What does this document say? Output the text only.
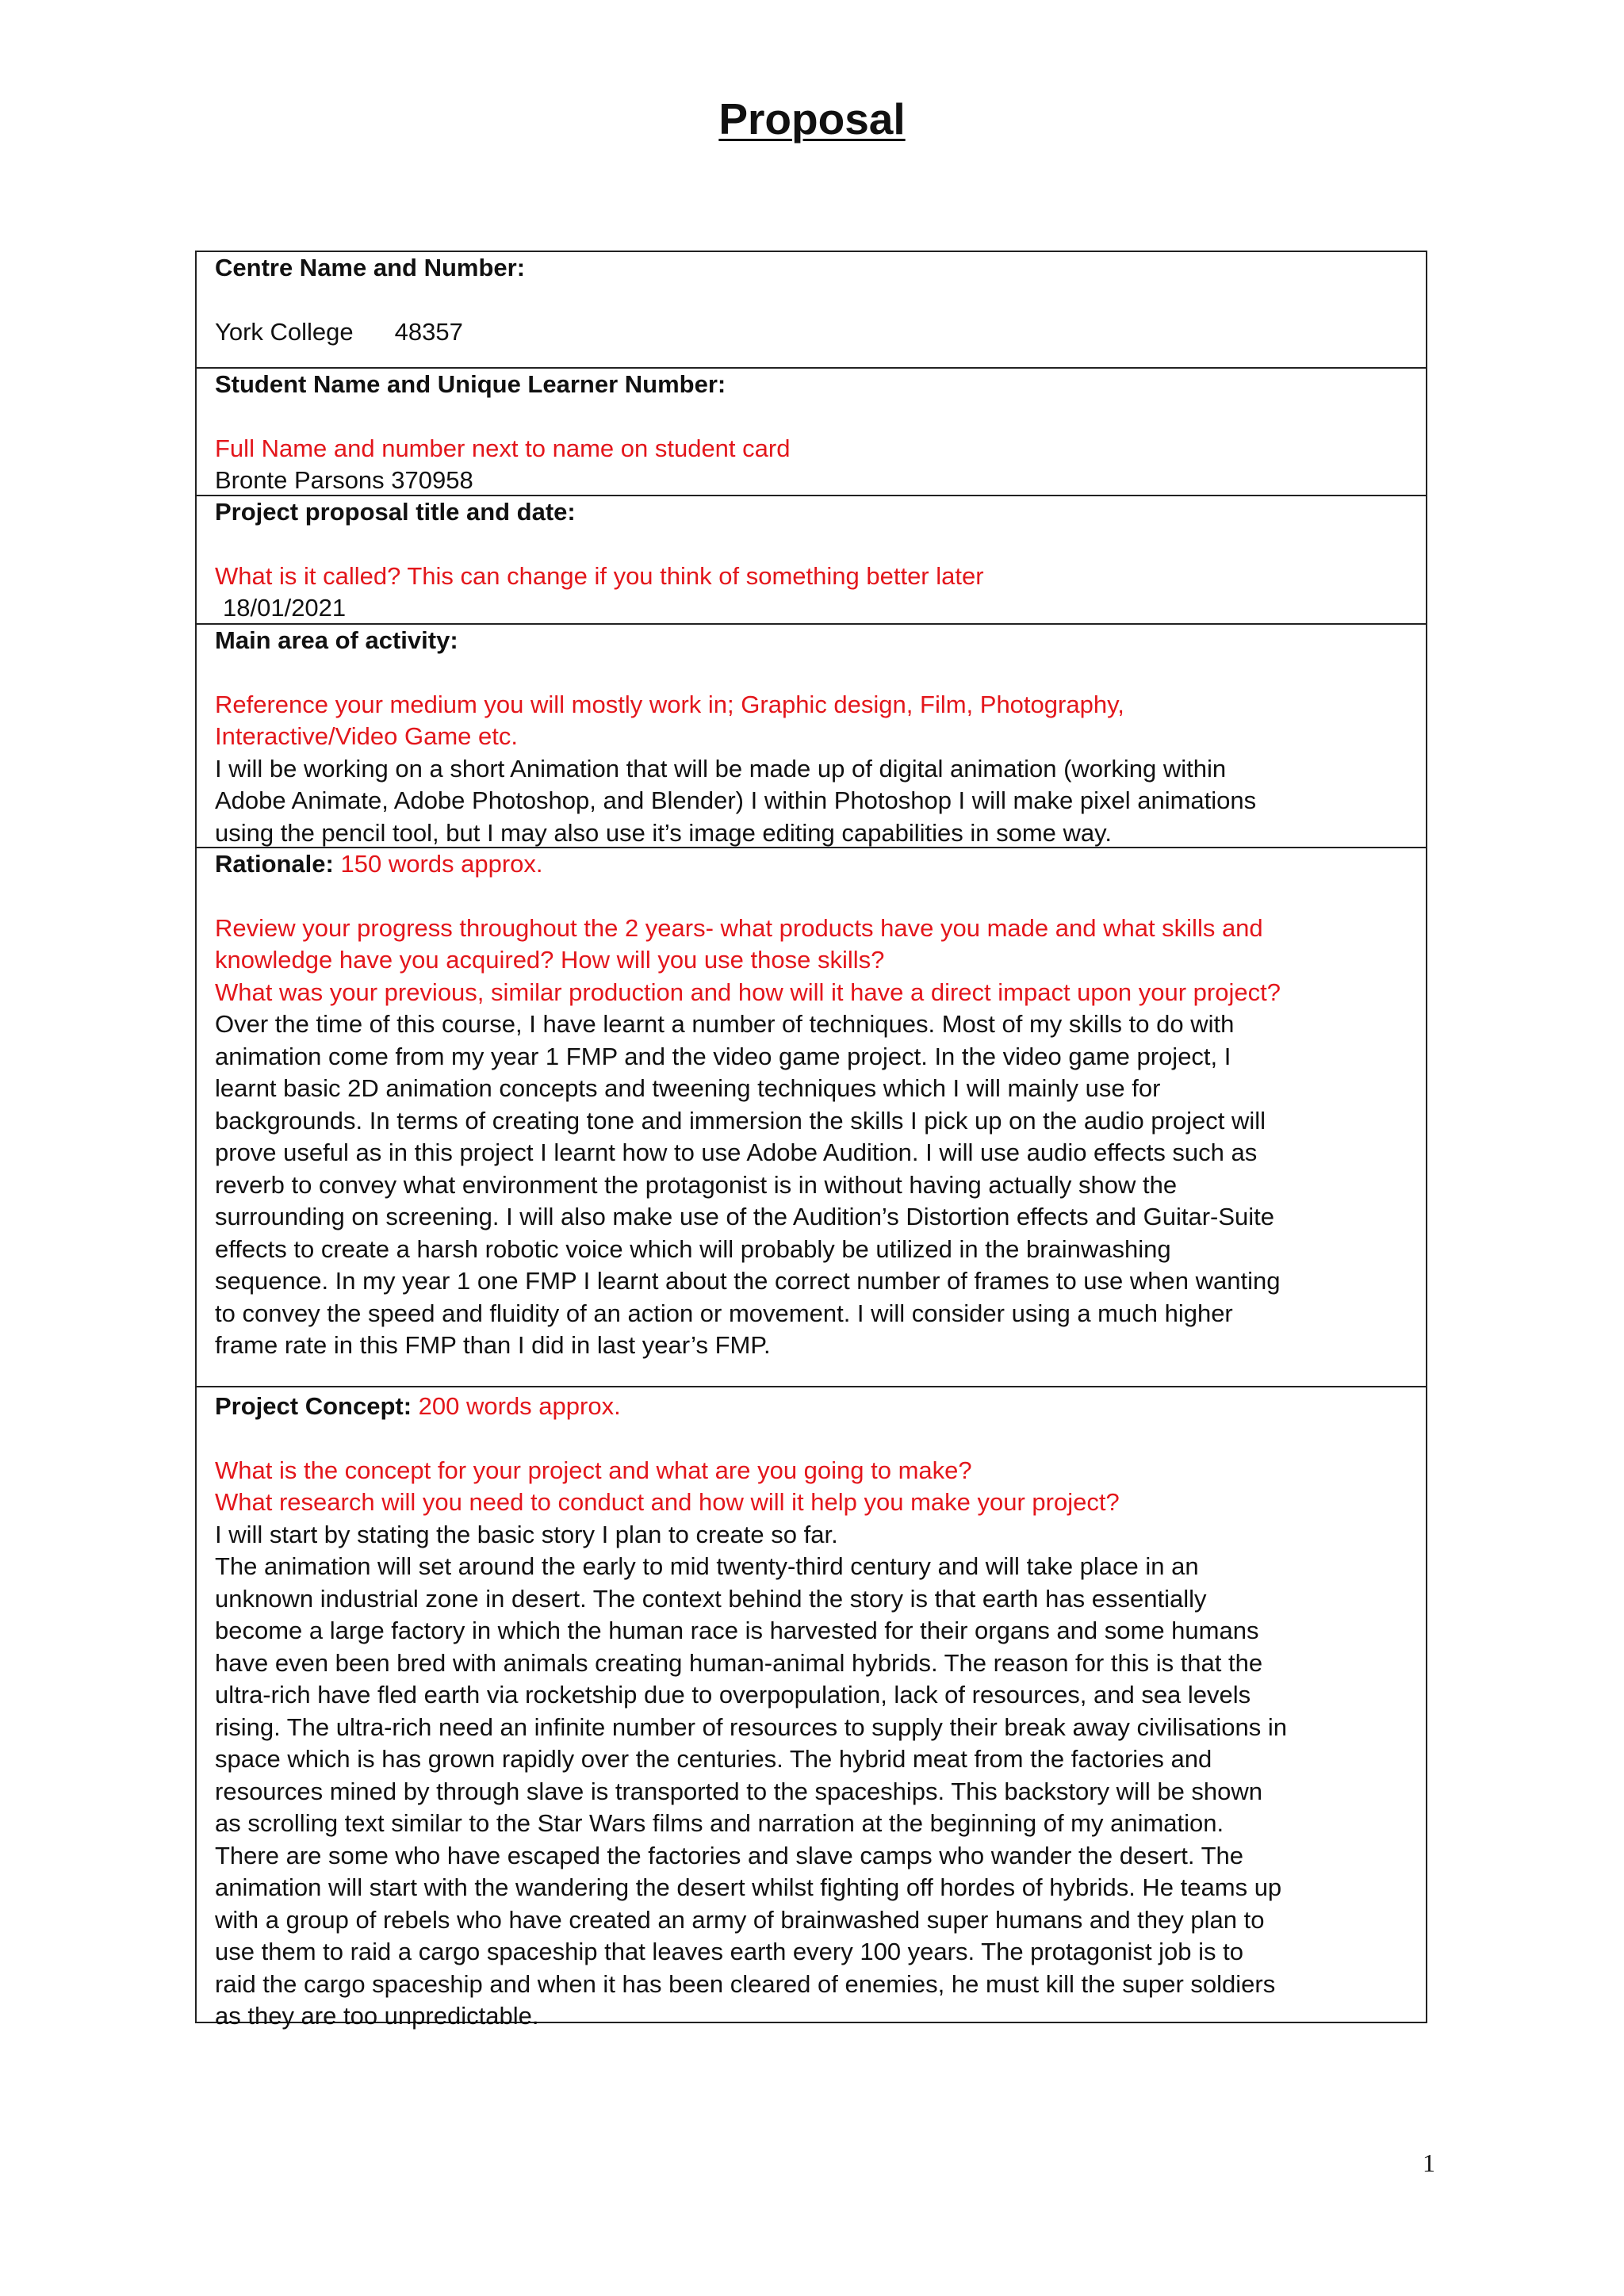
Proposal
Centre Name and Number:
York College 48357
Student Name and Unique Learner Number:
Full Name and number next to name on student card
Bronte Parsons 370958
Project proposal title and date:
What is it called? This can change if you think of something better later
18/01/2021
Main area of activity:
Reference your medium you will mostly work in; Graphic design, Film, Photography,
Interactive/Video Game etc.
I will be working on a short Animation that will be made up of digital animation (working within
Adobe Animate, Adobe Photoshop, and Blender) I within Photoshop I will make pixel animations
using the pencil tool, but I may also use it’s image editing capabilities in some way.
Rationale: 150 words approx.
Review your progress throughout the 2 years- what products have you made and what skills and
knowledge have you acquired? How will you use those skills?
What was your previous, similar production and how will it have a direct impact upon your project?
Over the time of this course, I have learnt a number of techniques. Most of my skills to do with
animation come from my year 1 FMP and the video game project. In the video game project, I
learnt basic 2D animation concepts and tweening techniques which I will mainly use for
backgrounds. In terms of creating tone and immersion the skills I pick up on the audio project will
prove useful as in this project I learnt how to use Adobe Audition. I will use audio effects such as
reverb to convey what environment the protagonist is in without having actually show the
surrounding on screening. I will also make use of the Audition’s Distortion effects and Guitar-Suite
effects to create a harsh robotic voice which will probably be utilized in the brainwashing
sequence. In my year 1 one FMP I learnt about the correct number of frames to use when wanting
to convey the speed and fluidity of an action or movement. I will consider using a much higher
frame rate in this FMP than I did in last year’s FMP.
Project Concept: 200 words approx.
What is the concept for your project and what are you going to make?
What research will you need to conduct and how will it help you make your project?
I will start by stating the basic story I plan to create so far.
The animation will set around the early to mid twenty-third century and will take place in an
unknown industrial zone in desert. The context behind the story is that earth has essentially
become a large factory in which the human race is harvested for their organs and some humans
have even been bred with animals creating human-animal hybrids. The reason for this is that the
ultra-rich have fled earth via rocketship due to overpopulation, lack of resources, and sea levels
rising. The ultra-rich need an infinite number of resources to supply their break away civilisations in
space which is has grown rapidly over the centuries. The hybrid meat from the factories and
resources mined by through slave is transported to the spaceships. This backstory will be shown
as scrolling text similar to the Star Wars films and narration at the beginning of my animation.
There are some who have escaped the factories and slave camps who wander the desert. The
animation will start with the wandering the desert whilst fighting off hordes of hybrids. He teams up
with a group of rebels who have created an army of brainwashed super humans and they plan to
use them to raid a cargo spaceship that leaves earth every 100 years. The protagonist job is to
raid the cargo spaceship and when it has been cleared of enemies, he must kill the super soldiers
as they are too unpredictable.
1
